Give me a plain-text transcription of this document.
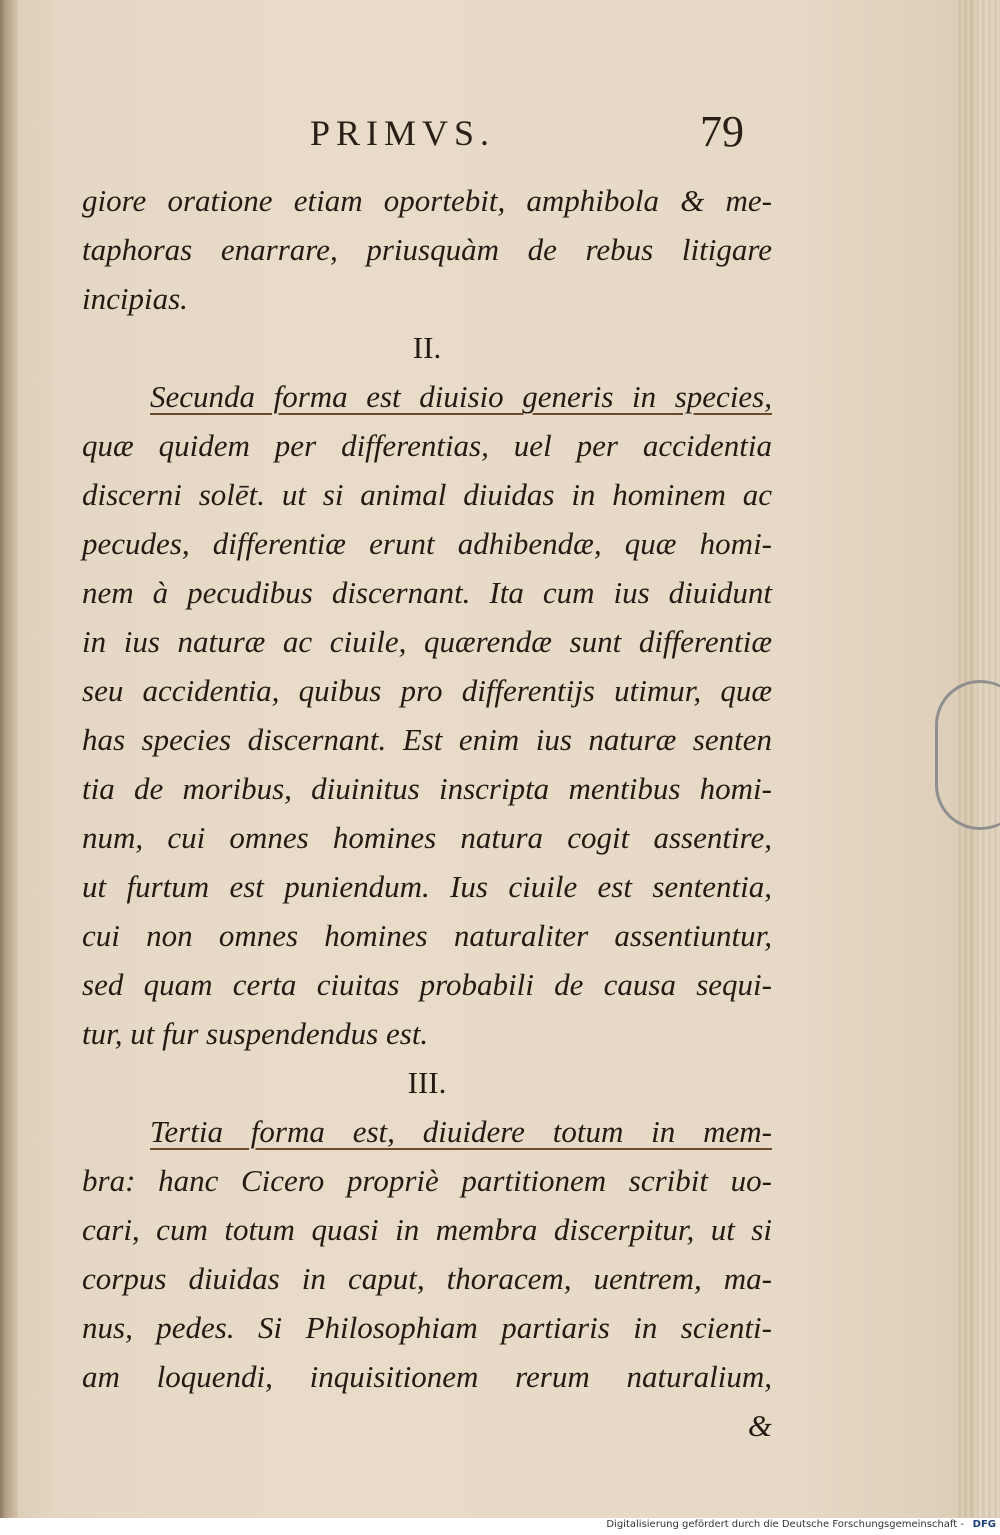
PRIMVS.	79
giore oratione etiam oportebit, amphibola & me-
taphoras enarrare, priusquàm de rebus litigare
incipias.
II.
Secunda forma est diuisio generis in species,
quæ quidem per differentias, uel per accidentia
discerni solēt. ut si animal diuidas in hominem ac
pecudes, differentiæ erunt adhibendæ, quæ homi-
nem à pecudibus discernant. Ita cum ius diuidunt
in ius naturæ ac ciuile, quærendæ sunt differentiæ
seu accidentia, quibus pro differentijs utimur, quæ
has species discernant. Est enim ius naturæ senten
tia de moribus, diuinitus inscripta mentibus homi-
num, cui omnes homines natura cogit assentire,
ut furtum est puniendum. Ius ciuile est sententia,
cui non omnes homines naturaliter assentiuntur,
sed quam certa ciuitas probabili de causa sequi-
tur, ut fur suspendendus est.
III.
Tertia forma est, diuidere totum in mem-
bra: hanc Cicero propriè partitionem scribit uo-
cari, cum totum quasi in membra discerpitur, ut si
corpus diuidas in caput, thoracem, uentrem, ma-
nus, pedes. Si Philosophiam partiaris in scienti-
am loquendi, inquisitionem rerum naturalium,
&
Digitalisierung gefördert durch die Deutsche Forschungsgemeinschaft - DFG
